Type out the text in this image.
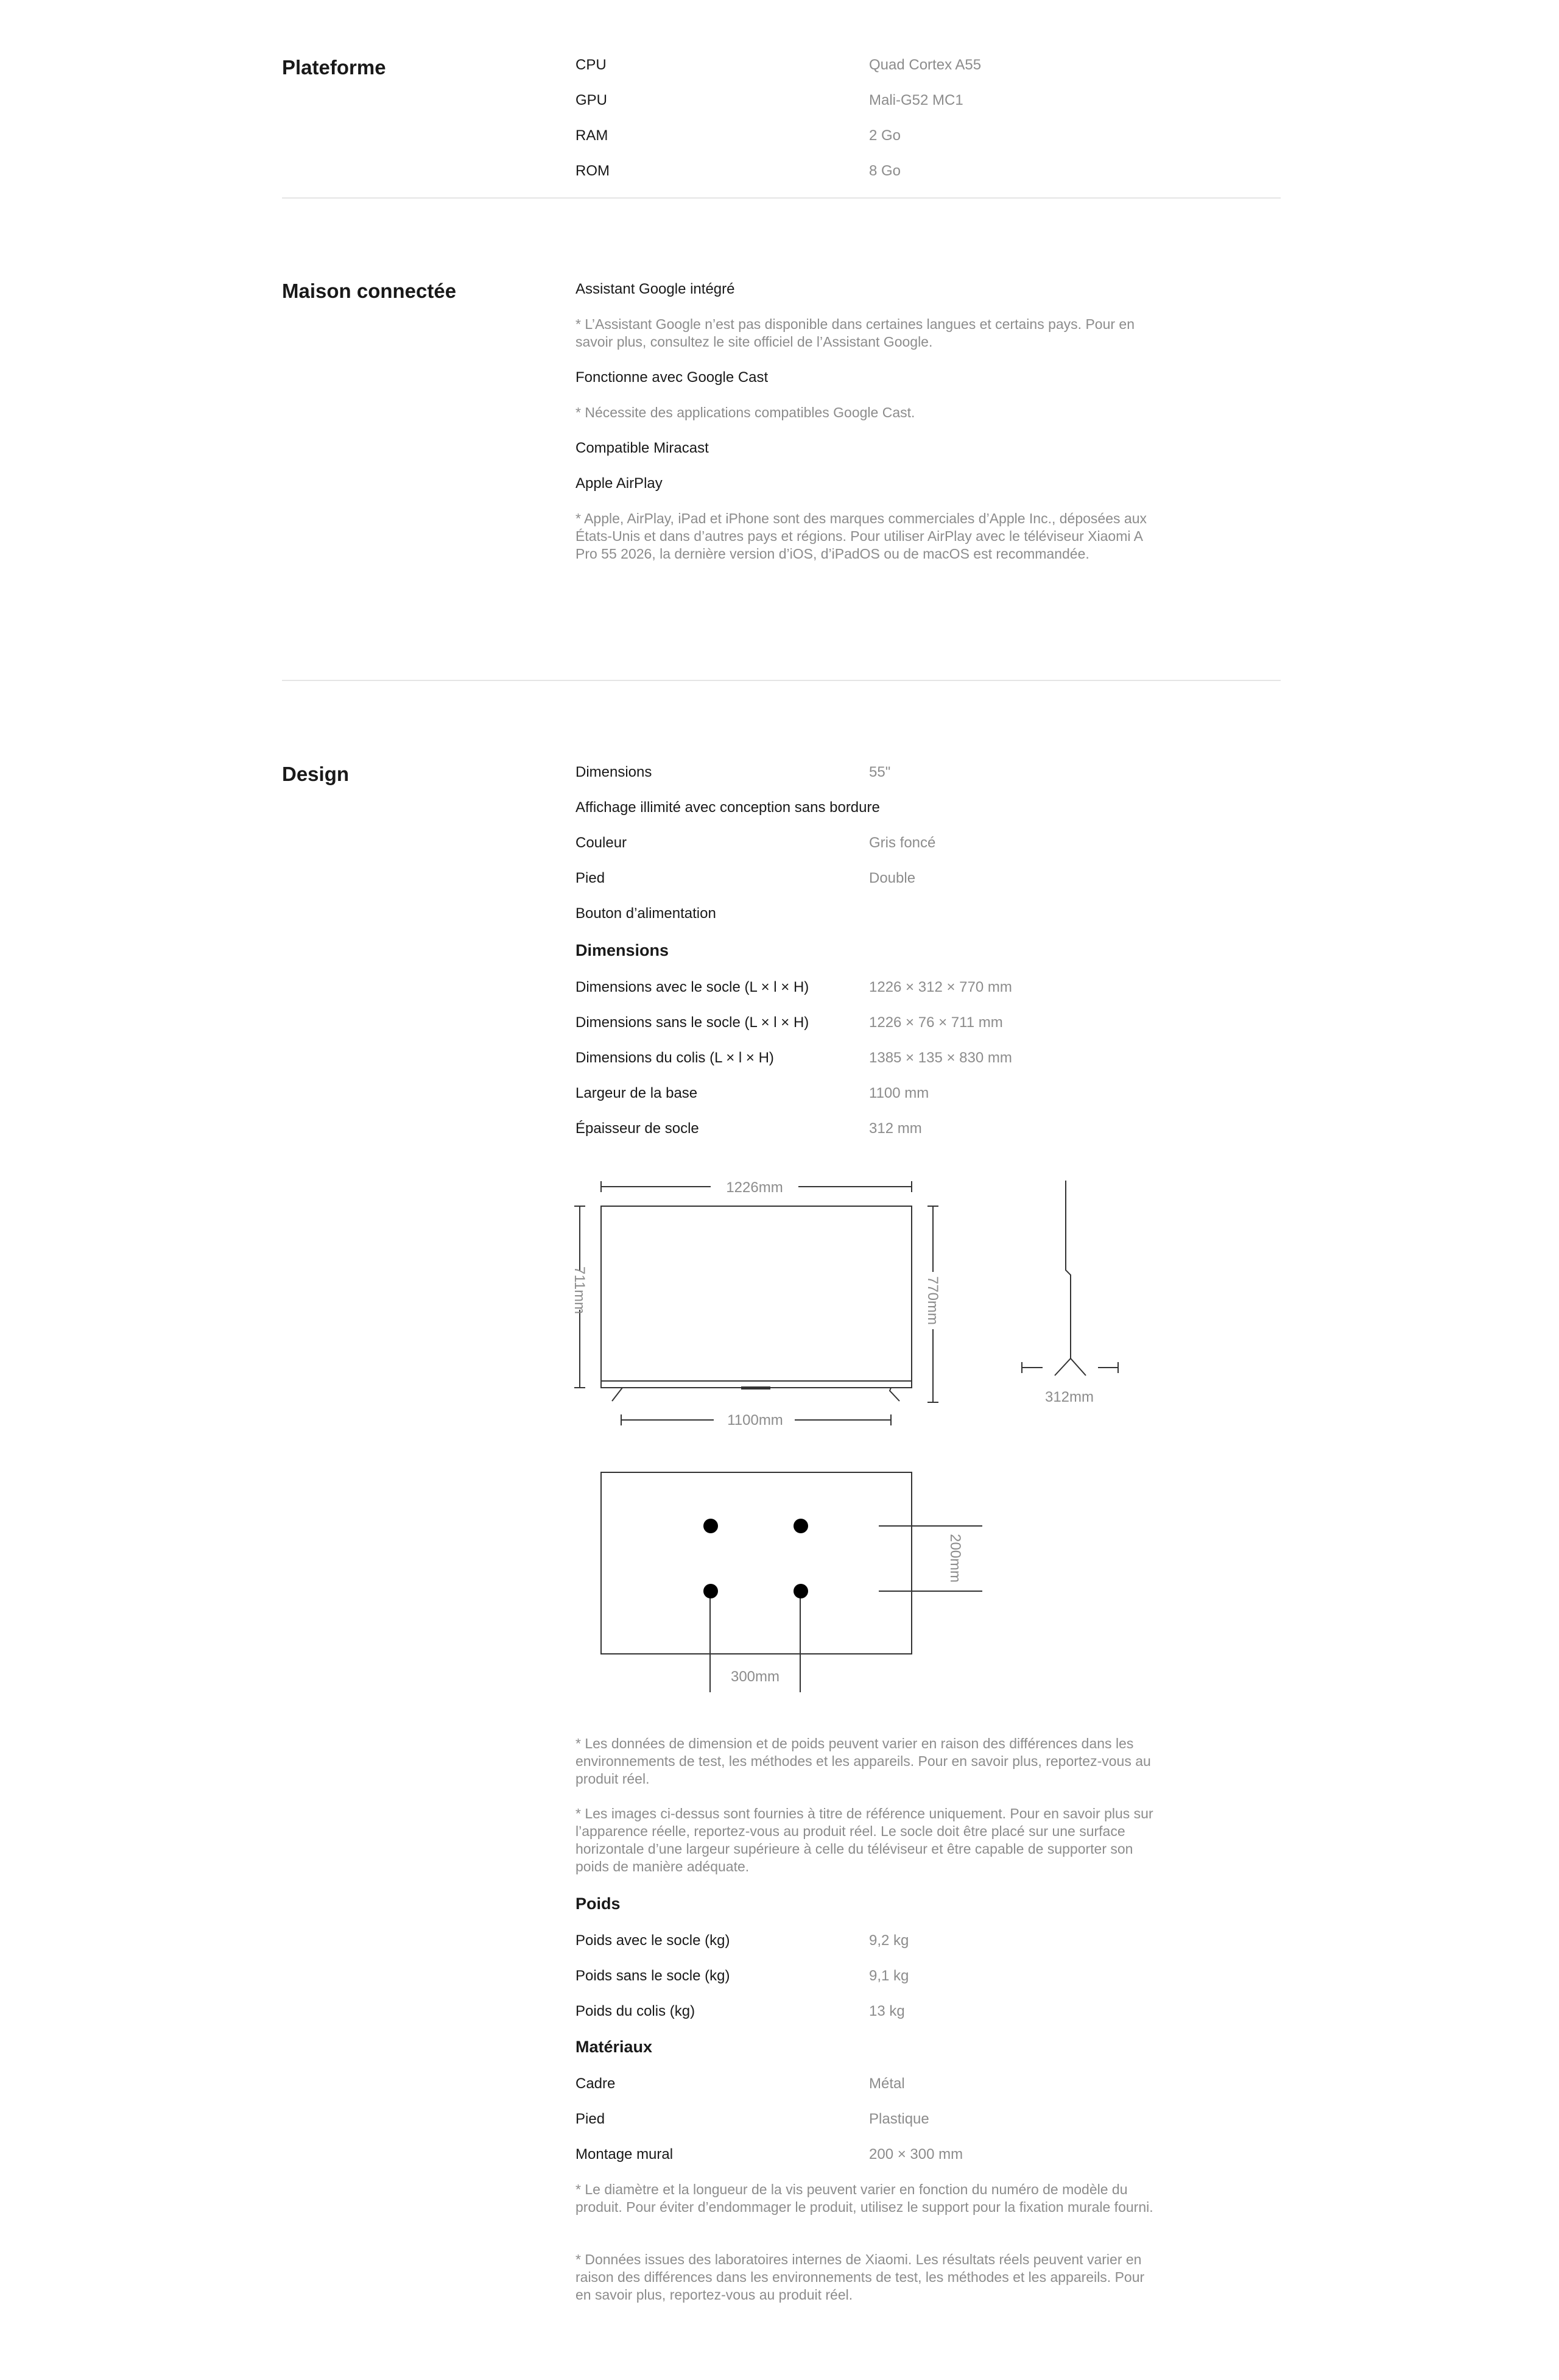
Plateforme	CPU	Quad Cortex A55
GPU	Mali-G52 MC1
RAM	2 Go
ROM	8 Go
Maison connectée	Assistant Google intégré

* L’Assistant Google n’est pas disponible dans certaines langues et certains pays. Pour en savoir plus, consultez le site officiel de l’Assistant Google.

Fonctionne avec Google Cast

* Nécessite des applications compatibles Google Cast.

Compatible Miracast
Apple AirPlay

* Apple, AirPlay, iPad et iPhone sont des marques commerciales d’Apple Inc., déposées aux États-Unis et dans d’autres pays et régions. Pour utiliser AirPlay avec le téléviseur Xiaomi A Pro 55 2026, la dernière version d’iOS, d’iPadOS ou de macOS est recommandée.

Design	Dimensions	55"
Affichage illimité avec conception sans bordure
Couleur	Gris foncé
Pied	Double
Bouton d’alimentation
Dimensions
Dimensions avec le socle (L × l × H)	1226 × 312 × 770 mm
Dimensions sans le socle (L × l × H)	1226 × 76 × 711 mm
Dimensions du colis (L × l × H)	1385 × 135 × 830 mm
Largeur de la base	1100 mm
Épaisseur de socle	312 mm
1226mm
711mm	770mm
1100mm
312mm
200mm
300mm

* Les données de dimension et de poids peuvent varier en raison des différences dans les environnements de test, les méthodes et les appareils. Pour en savoir plus, reportez-vous au produit réel.

* Les images ci-dessus sont fournies à titre de référence uniquement. Pour en savoir plus sur l’apparence réelle, reportez-vous au produit réel. Le socle doit être placé sur une surface horizontale d’une largeur supérieure à celle du téléviseur et être capable de supporter son poids de manière adéquate.

Poids
Poids avec le socle (kg)	9,2 kg
Poids sans le socle (kg)	9,1 kg
Poids du colis (kg)	13 kg
Matériaux
Cadre	Métal
Pied	Plastique
Montage mural	200 × 300 mm

* Le diamètre et la longueur de la vis peuvent varier en fonction du numéro de modèle du produit. Pour éviter d’endommager le produit, utilisez le support pour la fixation murale fourni.

* Données issues des laboratoires internes de Xiaomi. Les résultats réels peuvent varier en raison des différences dans les environnements de test, les méthodes et les appareils. Pour en savoir plus, reportez-vous au produit réel.
